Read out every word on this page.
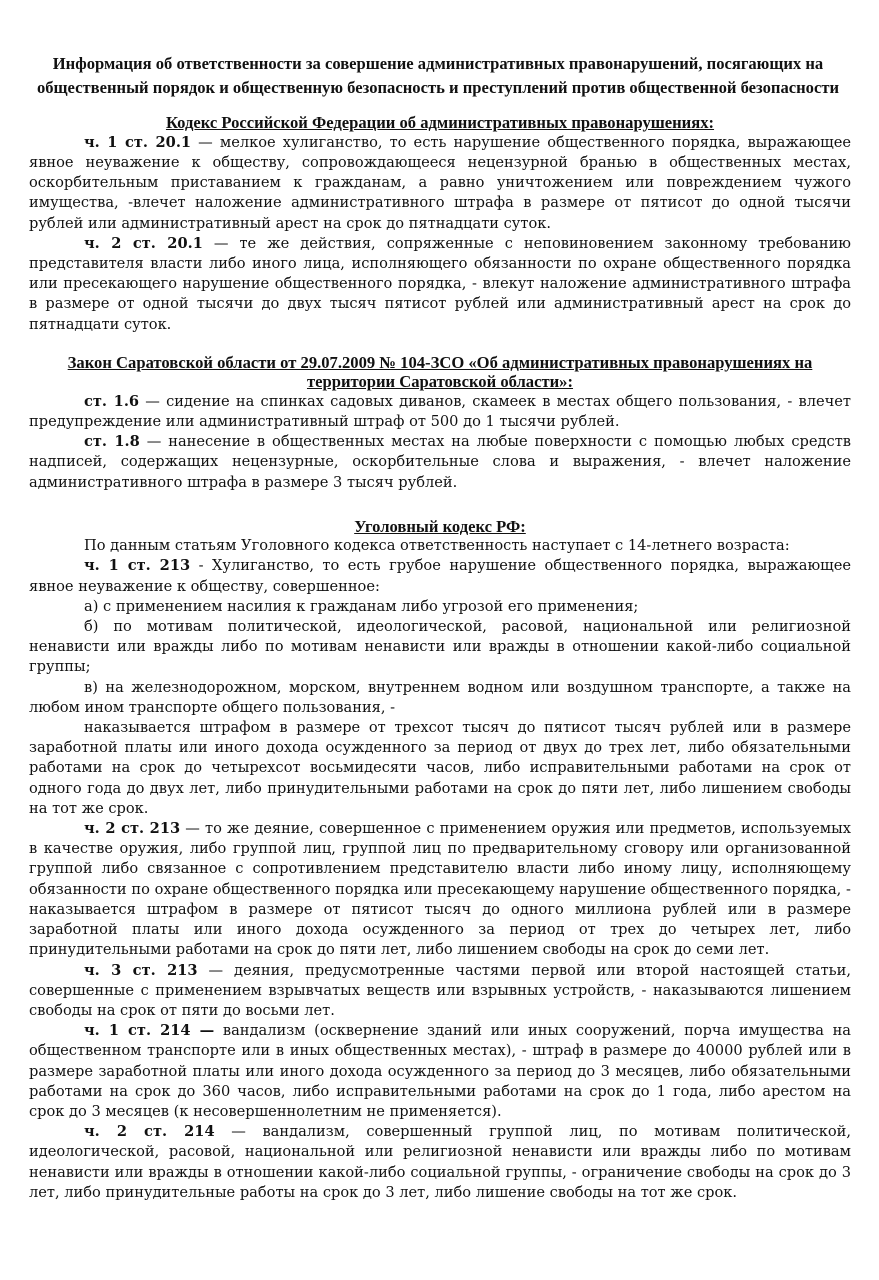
Информация об ответственности за совершение административных правонарушений, посягающих на общественный порядок и общественную безопасность и преступлений против общественной безопасности
Кодекс Российской Федерации об административных правонарушениях:

ч. 1 ст. 20.1 — мелкое хулиганство, то есть нарушение общественного порядка, выражающее явное неуважение к обществу, сопровождающееся нецензурной бранью в общественных местах, оскорбительным приставанием к гражданам, а равно уничтожением или повреждением чужого имущества, -влечет наложение административного штрафа в размере от пятисот до одной тысячи рублей или административный арест на срок до пятнадцати суток.

ч. 2 ст. 20.1 — те же действия, сопряженные с неповиновением законному требованию представителя власти либо иного лица, исполняющего обязанности по охране общественного порядка или пресекающего нарушение общественного порядка, - влекут наложение административного штрафа в размере от одной тысячи до двух тысяч пятисот рублей или административный арест на срок до пятнадцати суток.

Закон Саратовской области от 29.07.2009 № 104-ЗСО «Об административных правонарушениях на территории Саратовской области»:

ст. 1.6 — сидение на спинках садовых диванов, скамеек в местах общего пользования, - влечет предупреждение или административный штраф от 500 до 1 тысячи рублей.

ст. 1.8 — нанесение в общественных местах на любые поверхности с помощью любых средств надписей, содержащих нецензурные, оскорбительные слова и выражения, - влечет наложение административного штрафа в размере 3 тысяч рублей.

Уголовный кодекс РФ:

По данным статьям Уголовного кодекса ответственность наступает с 14-летнего возраста:

ч. 1 ст. 213 - Хулиганство, то есть грубое нарушение общественного порядка, выражающее явное неуважение к обществу, совершенное:

а) с применением насилия к гражданам либо угрозой его применения;

б) по мотивам политической, идеологической, расовой, национальной или религиозной ненависти или вражды либо по мотивам ненависти или вражды в отношении какой-либо социальной группы;

в) на железнодорожном, морском, внутреннем водном или воздушном транспорте, а также на любом ином транспорте общего пользования, -

наказывается штрафом в размере от трехсот тысяч до пятисот тысяч рублей или в размере заработной платы или иного дохода осужденного за период от двух до трех лет, либо обязательными работами на срок до четырехсот восьмидесяти часов, либо исправительными работами на срок от одного года до двух лет, либо принудительными работами на срок до пяти лет, либо лишением свободы на тот же срок.

ч. 2 ст. 213 — то же деяние, совершенное с применением оружия или предметов, используемых в качестве оружия, либо группой лиц, группой лиц по предварительному сговору или организованной группой либо связанное с сопротивлением представителю власти либо иному лицу, исполняющему обязанности по охране общественного порядка или пресекающему нарушение общественного порядка, - наказывается штрафом в размере от пятисот тысяч до одного миллиона рублей или в размере заработной платы или иного дохода осужденного за период от трех до четырех лет, либо принудительными работами на срок до пяти лет, либо лишением свободы на срок до семи лет.

ч. 3 ст. 213 — деяния, предусмотренные частями первой или второй настоящей статьи, совершенные с применением взрывчатых веществ или взрывных устройств, - наказываются лишением свободы на срок от пяти до восьми лет.

ч. 1 ст. 214 — вандализм (осквернение зданий или иных сооружений, порча имущества на общественном транспорте или в иных общественных местах), - штраф в размере до 40000 рублей или в размере заработной платы или иного дохода осужденного за период до 3 месяцев, либо обязательными работами на срок до 360 часов, либо исправительными работами на срок до 1 года, либо арестом на срок до 3 месяцев (к несовершеннолетним не применяется).

ч. 2 ст. 214 — вандализм, совершенный группой лиц, по мотивам политической, идеологической, расовой, национальной или религиозной ненависти или вражды либо по мотивам ненависти или вражды в отношении какой-либо социальной группы, - ограничение свободы на срок до 3 лет, либо принудительные работы на срок до 3 лет, либо лишение свободы на тот же срок.
